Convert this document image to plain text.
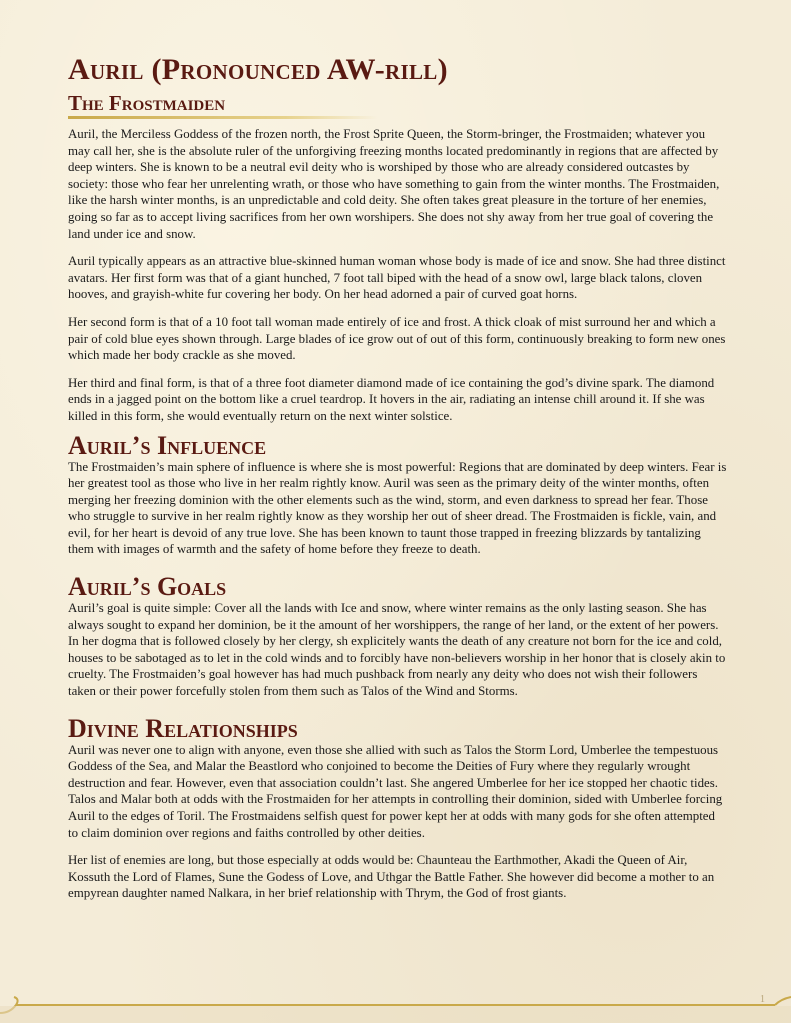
Auril (Pronounced AW-rill)
The Frostmaiden

Auril, the Merciless Goddess of the frozen north, the Frost Sprite Queen, the Storm-bringer, the Frostmaiden; whatever you may call her, she is the absolute ruler of the unforgiving freezing months located predominantly in regions that are affected by deep winters. She is known to be a neutral evil deity who is worshiped by those who are already considered outcastes by society: those who fear her unrelenting wrath, or those who have something to gain from the winter months. The Frostmaiden, like the harsh winter months, is an unpredictable and cold deity. She often takes great pleasure in the torture of her enemies, going so far as to accept living sacrifices from her own worshipers. She does not shy away from her true goal of covering the land under ice and snow.

Auril typically appears as an attractive blue-skinned human woman whose body is made of ice and snow. She had three distinct avatars. Her first form was that of a giant hunched, 7 foot tall biped with the head of a snow owl, large black talons, cloven hooves, and grayish-white fur covering her body. On her head adorned a pair of curved goat horns.

Her second form is that of a 10 foot tall woman made entirely of ice and frost. A thick cloak of mist surround her and which a pair of cold blue eyes shown through. Large blades of ice grow out of out of this form, continuously breaking to form new ones which made her body crackle as she moved.

Her third and final form, is that of a three foot diameter diamond made of ice containing the god’s divine spark. The diamond ends in a jagged point on the bottom like a cruel teardrop. It hovers in the air, radiating an intense chill around it. If she was killed in this form, she would eventually return on the next winter solstice.

Auril’s Influence

The Frostmaiden’s main sphere of influence is where she is most powerful: Regions that are dominated by deep winters. Fear is her greatest tool as those who live in her realm rightly know. Auril was seen as the primary deity of the winter months, often merging her freezing dominion with the other elements such as the wind, storm, and even darkness to spread her fear. Those who struggle to survive in her realm rightly know as they worship her out of sheer dread. The Frostmaiden is fickle, vain, and evil, for her heart is devoid of any true love. She has been known to taunt those trapped in freezing blizzards by tantalizing them with images of warmth and the safety of home before they freeze to death.

Auril’s Goals

Auril’s goal is quite simple: Cover all the lands with Ice and snow, where winter remains as the only lasting season. She has always sought to expand her dominion, be it the amount of her worshippers, the range of her land, or the extent of her powers. In her dogma that is followed closely by her clergy, sh explicitely wants the death of any creature not born for the ice and cold, houses to be sabotaged as to let in the cold winds and to forcibly have non-believers worship in her honor that is closely akin to cruelty. The Frostmaiden’s goal however has had much pushback from nearly any deity who does not wish their followers taken or their power forcefully stolen from them such as Talos of the Wind and Storms.

Divine Relationships

Auril was never one to align with anyone, even those she allied with such as Talos the Storm Lord, Umberlee the tempestuous Goddess of the Sea, and Malar the Beastlord who conjoined to become the Deities of Fury where they regularly wrought destruction and fear. However, even that association couldn’t last. She angered Umberlee for her ice stopped her chaotic tides. Talos and Malar both at odds with the Frostmaiden for her attempts in controlling their dominion, sided with Umberlee forcing Auril to the edges of Toril. The Frostmaidens selfish quest for power kept her at odds with many gods for she often attempted to claim dominion over regions and faiths controlled by other deities.

Her list of enemies are long, but those especially at odds would be: Chaunteau the Earthmother, Akadi the Queen of Air, Kossuth the Lord of Flames, Sune the Godess of Love, and Uthgar the Battle Father. She however did become a mother to an empyrean daughter named Nalkara, in her brief relationship with Thrym, the God of frost giants.

1
